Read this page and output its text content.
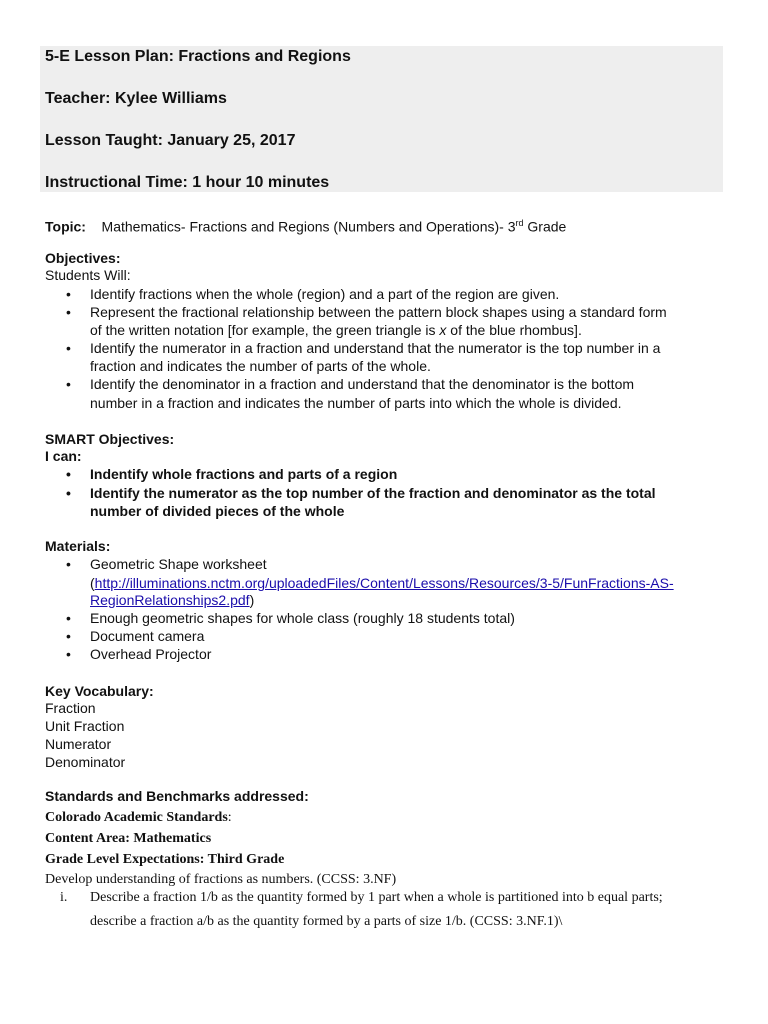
5-E Lesson Plan: Fractions and Regions
Teacher: Kylee Williams
Lesson Taught: January 25, 2017
Instructional Time: 1 hour 10 minutes
Topic: Mathematics- Fractions and Regions (Numbers and Operations)- 3rd Grade
Objectives:
Students Will:
• Identify fractions when the whole (region) and a part of the region are given.
• Represent the fractional relationship between the pattern block shapes using a standard form
of the written notation [for example, the green triangle is x of the blue rhombus].
• Identify the numerator in a fraction and understand that the numerator is the top number in a
fraction and indicates the number of parts of the whole.
• Identify the denominator in a fraction and understand that the denominator is the bottom
number in a fraction and indicates the number of parts into which the whole is divided.
SMART Objectives:
I can:
• Indentify whole fractions and parts of a region
• Identify the numerator as the top number of the fraction and denominator as the total
number of divided pieces of the whole
Materials:
• Geometric Shape worksheet
(http://illuminations.nctm.org/uploadedFiles/Content/Lessons/Resources/3-5/FunFractions-AS-
RegionRelationships2.pdf)
• Enough geometric shapes for whole class (roughly 18 students total)
• Document camera
• Overhead Projector
Key Vocabulary:
Fraction
Unit Fraction
Numerator
Denominator
Standards and Benchmarks addressed:
Colorado Academic Standards:
Content Area: Mathematics
Grade Level Expectations: Third Grade
Develop understanding of fractions as numbers. (CCSS: 3.NF)
i. Describe a fraction 1/b as the quantity formed by 1 part when a whole is partitioned into b equal parts;
describe a fraction a/b as the quantity formed by a parts of size 1/b. (CCSS: 3.NF.1)\
